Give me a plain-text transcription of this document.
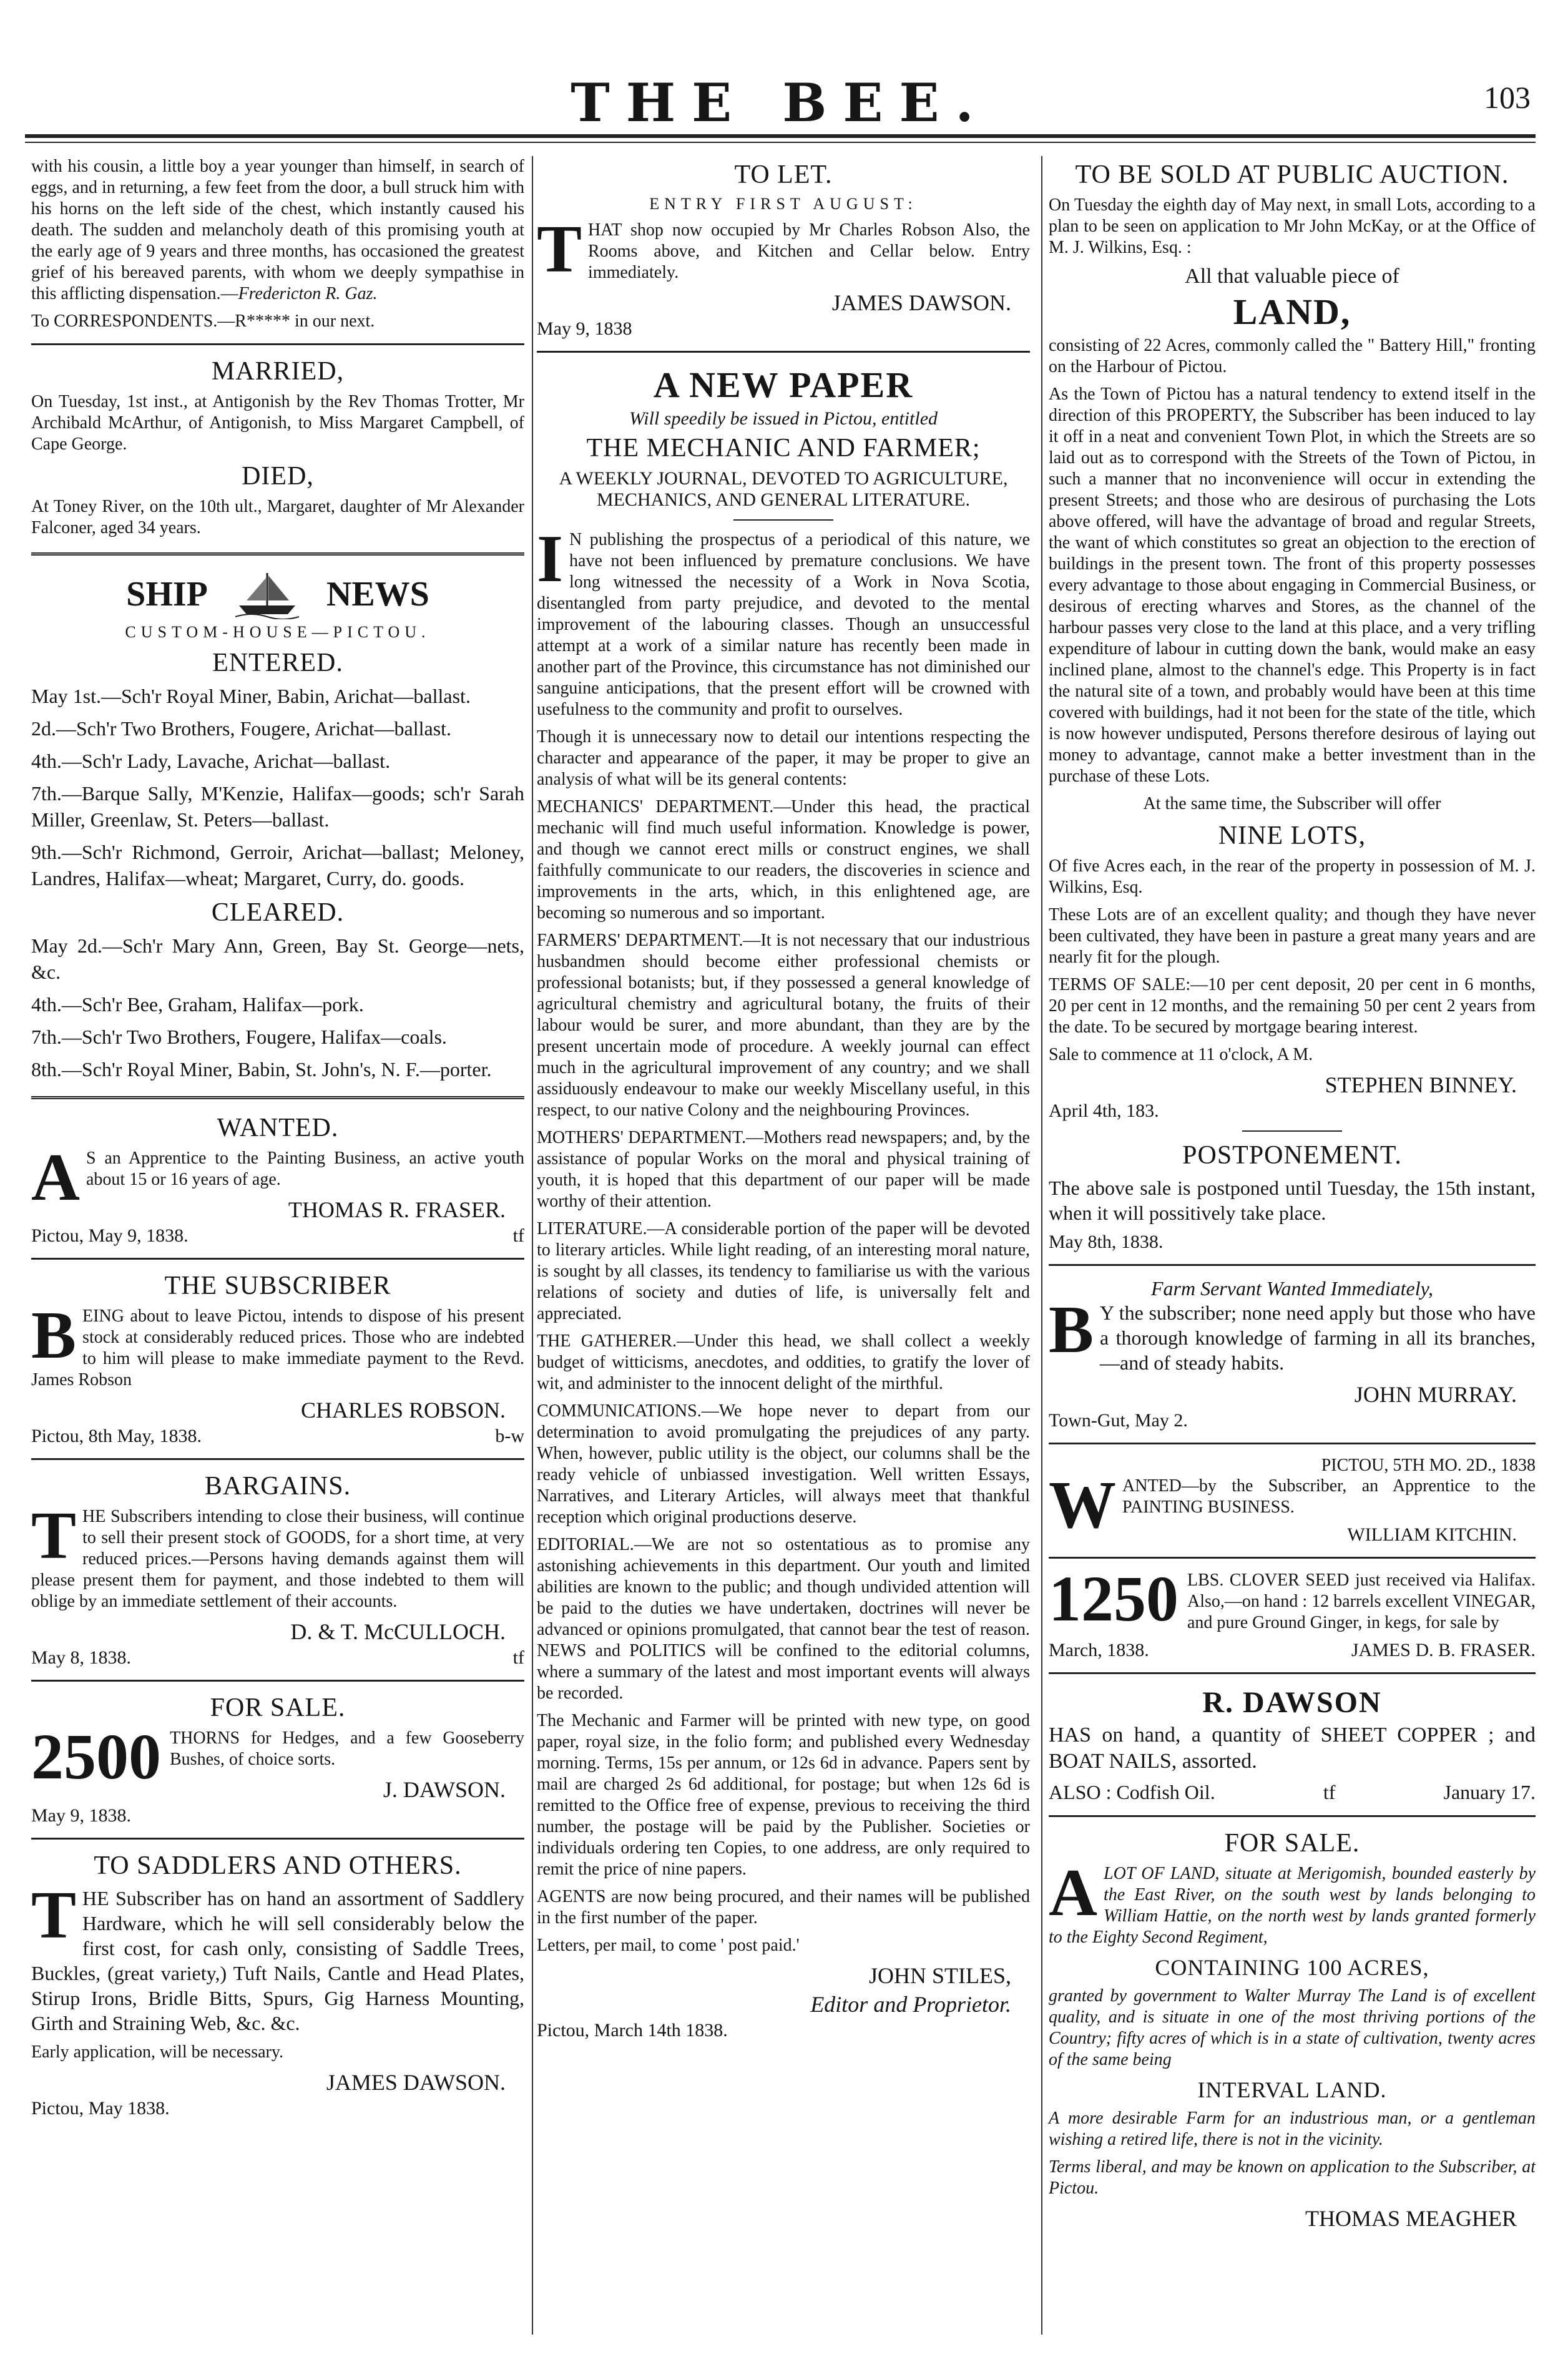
THE BEE.	103

with his cousin, a little boy a year younger than himself, in search of eggs, and in returning, a few feet from the door, a bull struck him with his horns on the left side of the chest, which instantly caused his death. The sudden and melancholy death of this promising youth at the early age of 9 years and three months, has occasioned the greatest grief of his bereaved parents, with whom we deeply sympathise in this afflicting dispensation.—Fredericton R. Gaz.

To CORRESPONDENTS.—R***** in our next.

MARRIED,

On Tuesday, 1st inst., at Antigonish by the Rev Thomas Trotter, Mr Archibald McArthur, of Antigonish, to Miss Margaret Campbell, of Cape George.

DIED,

At Toney River, on the 10th ult., Margaret, daughter of Mr Alexander Falconer, aged 34 years.

SHIP	NEWS
CUSTOM-HOUSE—PICTOU.
ENTERED.

May 1st.—Sch'r Royal Miner, Babin, Arichat—ballast.

2d.—Sch'r Two Brothers, Fougere, Arichat—ballast.

4th.—Sch'r Lady, Lavache, Arichat—ballast.

7th.—Barque Sally, M'Kenzie, Halifax—goods; sch'r Sarah Miller, Greenlaw, St. Peters—ballast.

9th.—Sch'r Richmond, Gerroir, Arichat—ballast; Meloney, Landres, Halifax—wheat; Margaret, Curry, do. goods.

CLEARED.

May 2d.—Sch'r Mary Ann, Green, Bay St. George—nets, &c.

4th.—Sch'r Bee, Graham, Halifax—pork.

7th.—Sch'r Two Brothers, Fougere, Halifax—coals.

8th.—Sch'r Royal Miner, Babin, St. John's, N. F.—porter.

WANTED.

A S an Apprentice to the Painting Business, an active youth about 15 or 16 years of age.

THOMAS R. FRASER.
Pictou, May 9, 1838.	tf
THE SUBSCRIBER

BEING about to leave Pictou, intends to dispose of his present stock at considerably reduced prices. Those who are indebted to him will please to make immediate payment to the Revd. James Robson

CHARLES ROBSON.
Pictou, 8th May, 1838.	b-w
BARGAINS.

THE Subscribers intending to close their business, will continue to sell their present stock of GOODS, for a short time, at very reduced prices.—Persons having demands against them will please present them for payment, and those indebted to them will oblige by an immediate settlement of their accounts.

D. & T. McCULLOCH.
May 8, 1838.	tf
FOR SALE.

2500 THORNS for Hedges, and a few Gooseberry Bushes, of choice sorts.

J. DAWSON.
May 9, 1838.
TO SADDLERS AND OTHERS.

THE Subscriber has on hand an assortment of Saddlery Hardware, which he will sell considerably below the first cost, for cash only, consisting of Saddle Trees, Buckles, (great variety,) Tuft Nails, Cantle and Head Plates, Stirup Irons, Bridle Bitts, Spurs, Gig Harness Mounting, Girth and Straining Web, &c. &c.

Early application, will be necessary.

JAMES DAWSON.
Pictou, May 1838.
TO LET.
ENTRY FIRST AUGUST:

THAT shop now occupied by Mr Charles Robson Also, the Rooms above, and Kitchen and Cellar below. Entry immediately.

JAMES DAWSON.
May 9, 1838
A NEW PAPER
Will speedily be issued in Pictou, entitled
THE MECHANIC AND FARMER;
A WEEKLY JOURNAL, DEVOTED TO AGRICULTURE, MECHANICS, AND GENERAL LITERATURE.

I N publishing the prospectus of a periodical of this nature, we have not been influenced by premature conclusions. We have long witnessed the necessity of a Work in Nova Scotia, disentangled from party prejudice, and devoted to the mental improvement of the labouring classes. Though an unsuccessful attempt at a work of a similar nature has recently been made in another part of the Province, this circumstance has not diminished our sanguine anticipations, that the present effort will be crowned with usefulness to the community and profit to ourselves.

Though it is unnecessary now to detail our intentions respecting the character and appearance of the paper, it may be proper to give an analysis of what will be its general contents:

MECHANICS' DEPARTMENT.—Under this head, the practical mechanic will find much useful information. Knowledge is power, and though we cannot erect mills or construct engines, we shall faithfully communicate to our readers, the discoveries in science and improvements in the arts, which, in this enlightened age, are becoming so numerous and so important.

FARMERS' DEPARTMENT.—It is not necessary that our industrious husbandmen should become either professional chemists or professional botanists; but, if they possessed a general knowledge of agricultural chemistry and agricultural botany, the fruits of their labour would be surer, and more abundant, than they are by the present uncertain mode of procedure. A weekly journal can effect much in the agricultural improvement of any country; and we shall assiduously endeavour to make our weekly Miscellany useful, in this respect, to our native Colony and the neighbouring Provinces.

MOTHERS' DEPARTMENT.—Mothers read newspapers; and, by the assistance of popular Works on the moral and physical training of youth, it is hoped that this department of our paper will be made worthy of their attention.

LITERATURE.—A considerable portion of the paper will be devoted to literary articles. While light reading, of an interesting moral nature, is sought by all classes, its tendency to familiarise us with the various relations of society and duties of life, is universally felt and appreciated.

THE GATHERER.—Under this head, we shall collect a weekly budget of witticisms, anecdotes, and oddities, to gratify the lover of wit, and administer to the innocent delight of the mirthful.

COMMUNICATIONS.—We hope never to depart from our determination to avoid promulgating the prejudices of any party. When, however, public utility is the object, our columns shall be the ready vehicle of unbiassed investigation. Well written Essays, Narratives, and Literary Articles, will always meet that thankful reception which original productions deserve.

EDITORIAL.—We are not so ostentatious as to promise any astonishing achievements in this department. Our youth and limited abilities are known to the public; and though undivided attention will be paid to the duties we have undertaken, doctrines will never be advanced or opinions promulgated, that cannot bear the test of reason. NEWS and POLITICS will be confined to the editorial columns, where a summary of the latest and most important events will always be recorded.

The Mechanic and Farmer will be printed with new type, on good paper, royal size, in the folio form; and published every Wednesday morning. Terms, 15s per annum, or 12s 6d in advance. Papers sent by mail are charged 2s 6d additional, for postage; but when 12s 6d is remitted to the Office free of expense, previous to receiving the third number, the postage will be paid by the Publisher. Societies or individuals ordering ten Copies, to one address, are only required to remit the price of nine papers.

AGENTS are now being procured, and their names will be published in the first number of the paper.

Letters, per mail, to come ' post paid.'

JOHN STILES,
Editor and Proprietor.
Pictou, March 14th 1838.
TO BE SOLD AT PUBLIC AUCTION.

On Tuesday the eighth day of May next, in small Lots, according to a plan to be seen on application to Mr John McKay, or at the Office of M. J. Wilkins, Esq. :

All that valuable piece of
LAND,

consisting of 22 Acres, commonly called the " Battery Hill," fronting on the Harbour of Pictou.

As the Town of Pictou has a natural tendency to extend itself in the direction of this PROPERTY, the Subscriber has been induced to lay it off in a neat and convenient Town Plot, in which the Streets are so laid out as to correspond with the Streets of the Town of Pictou, in such a manner that no inconvenience will occur in extending the present Streets; and those who are desirous of purchasing the Lots above offered, will have the advantage of broad and regular Streets, the want of which constitutes so great an objection to the erection of buildings in the present town. The front of this property possesses every advantage to those about engaging in Commercial Business, or desirous of erecting wharves and Stores, as the channel of the harbour passes very close to the land at this place, and a very trifling expenditure of labour in cutting down the bank, would make an easy inclined plane, almost to the channel's edge. This Property is in fact the natural site of a town, and probably would have been at this time covered with buildings, had it not been for the state of the title, which is now however undisputed, Persons therefore desirous of laying out money to advantage, cannot make a better investment than in the purchase of these Lots.

At the same time, the Subscriber will offer

NINE LOTS,

Of five Acres each, in the rear of the property in possession of M. J. Wilkins, Esq.

These Lots are of an excellent quality; and though they have never been cultivated, they have been in pasture a great many years and are nearly fit for the plough.

TERMS OF SALE:—10 per cent deposit, 20 per cent in 6 months, 20 per cent in 12 months, and the remaining 50 per cent 2 years from the date. To be secured by mortgage bearing interest.

Sale to commence at 11 o'clock, A M.

STEPHEN BINNEY.
April 4th, 183.
POSTPONEMENT.

The above sale is postponed until Tuesday, the 15th instant, when it will possitively take place.

May 8th, 1838.
Farm Servant Wanted Immediately,

B Y the subscriber; none need apply but those who have a thorough knowledge of farming in all its branches,—and of steady habits.

JOHN MURRAY.
Town-Gut, May 2.
PICTOU, 5TH MO. 2D., 1838

WANTED—by the Subscriber, an Apprentice to the PAINTING BUSINESS.

WILLIAM KITCHIN.

1250 LBS. CLOVER SEED just received via Halifax. Also,—on hand : 12 barrels excellent VINEGAR, and pure Ground Ginger, in kegs, for sale by

March, 1838.	JAMES D. B. FRASER.
R. DAWSON

HAS on hand, a quantity of SHEET COPPER ; and BOAT NAILS, assorted.

ALSO : Codfish Oil.	tf	January 17.
FOR SALE.

ALOT OF LAND, situate at Merigomish, bounded easterly by the East River, on the south west by lands belonging to William Hattie, on the north west by lands granted formerly to the Eighty Second Regiment,

CONTAINING 100 ACRES,

granted by government to Walter Murray The Land is of excellent quality, and is situate in one of the most thriving portions of the Country; fifty acres of which is in a state of cultivation, twenty acres of the same being

INTERVAL LAND.

A more desirable Farm for an industrious man, or a gentleman wishing a retired life, there is not in the vicinity.

Terms liberal, and may be known on application to the Subscriber, at Pictou.

THOMAS MEAGHER
